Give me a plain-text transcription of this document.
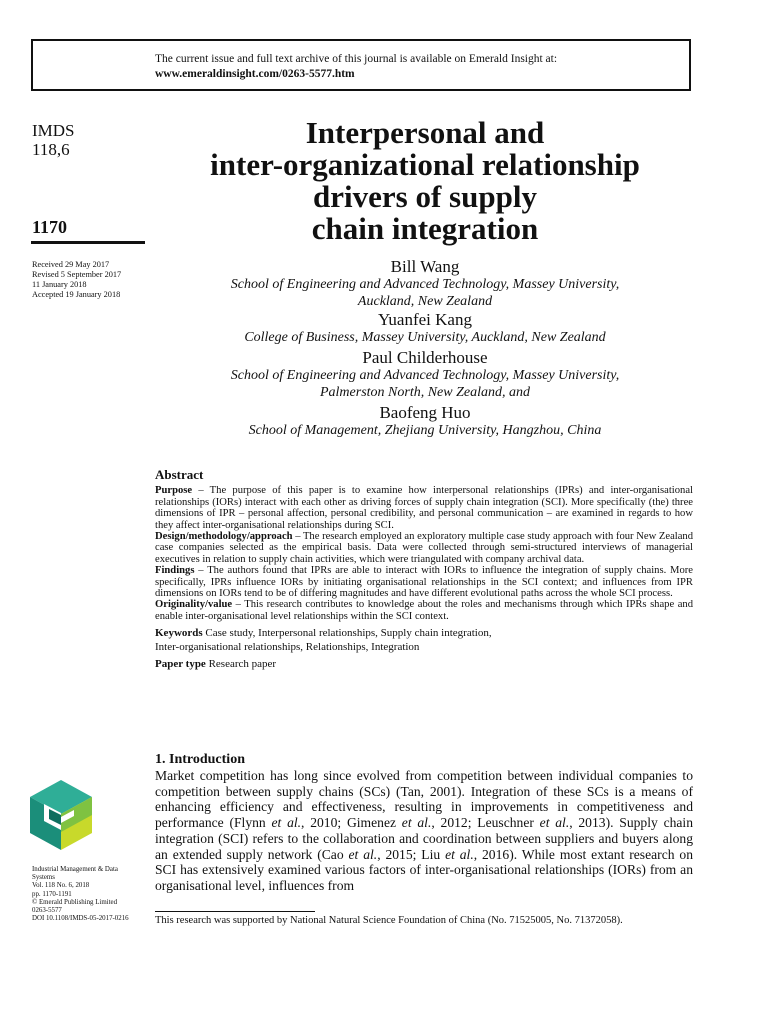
The current issue and full text archive of this journal is available on Emerald Insight at:
www.emeraldinsight.com/0263-5577.htm
IMDS
118,6
1170
Received 29 May 2017
Revised 5 September 2017
11 January 2018
Accepted 19 January 2018
Interpersonal and
inter-organizational relationship
drivers of supply
chain integration
Bill Wang
School of Engineering and Advanced Technology, Massey University,
Auckland, New Zealand
Yuanfei Kang
College of Business, Massey University, Auckland, New Zealand
Paul Childerhouse
School of Engineering and Advanced Technology, Massey University,
Palmerston North, New Zealand, and
Baofeng Huo
School of Management, Zhejiang University, Hangzhou, China
Abstract

Purpose – The purpose of this paper is to examine how interpersonal relationships (IPRs) and inter-organisational relationships (IORs) interact with each other as driving forces of supply chain integration (SCI). More specifically (the) three dimensions of IPR – personal affection, personal credibility, and personal communication – are examined in regards to how they affect inter-organisational relationships during SCI.

Design/methodology/approach – The research employed an exploratory multiple case study approach with four New Zealand case companies selected as the empirical basis. Data were collected through semi-structured interviews of managerial executives in relation to supply chain activities, which were triangulated with company archival data.

Findings – The authors found that IPRs are able to interact with IORs to influence the integration of supply chains. More specifically, IPRs influence IORs by initiating organisational relationships in the SCI context; and influences from IPR dimensions on IORs tend to be of differing magnitudes and have different evolutional paths across the whole SCI process.

Originality/value – This research contributes to knowledge about the roles and mechanisms through which IPRs shape and enable inter-organisational level relationships within the SCI context.

Keywords Case study, Interpersonal relationships, Supply chain integration,
Inter-organisational relationships, Relationships, Integration

Paper type Research paper

1. Introduction

Market competition has long since evolved from competition between individual companies to competition between supply chains (SCs) (Tan, 2001). Integration of these SCs is a means of enhancing efficiency and effectiveness, resulting in improvements in competitiveness and performance (Flynn et al., 2010; Gimenez et al., 2012; Leuschner et al., 2013). Supply chain integration (SCI) refers to the collaboration and coordination between suppliers and buyers along an extended supply network (Cao et al., 2015; Liu et al., 2016). While most extant research on SCI has extensively examined various factors of inter-organisational relationships (IORs) from an organisational level, influences from

This research was supported by National Natural Science Foundation of China (No. 71525005, No. 71372058).
Industrial Management & Data
Systems
Vol. 118 No. 6, 2018
pp. 1170-1191
© Emerald Publishing Limited
0263-5577
DOI 10.1108/IMDS-05-2017-0216
